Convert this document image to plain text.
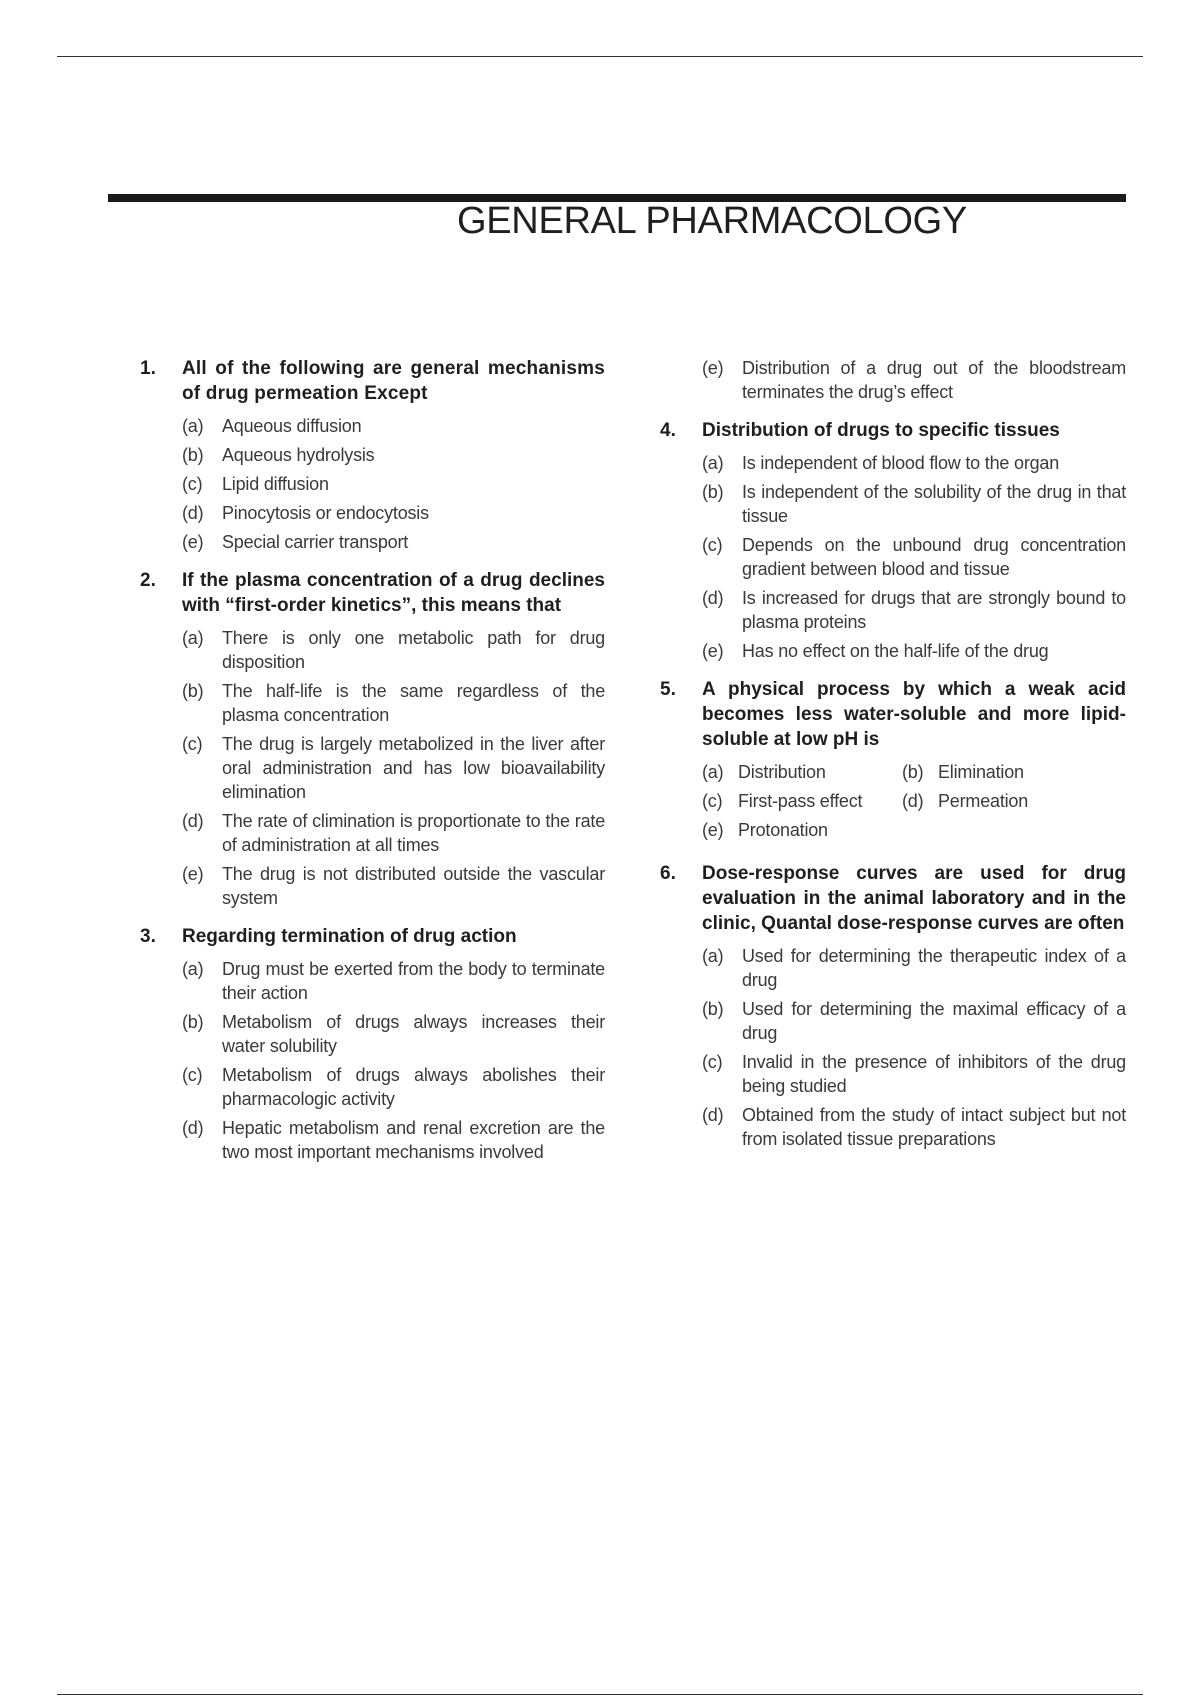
GENERAL PHARMACOLOGY
1.	All of the following are general mechanisms of drug permeation Except
(a)	Aqueous diffusion
(b)	Aqueous hydrolysis
(c)	Lipid diffusion
(d)	Pinocytosis or endocytosis
(e)	Special carrier transport
2.	If the plasma concentration of a drug declines with “first-order kinetics”, this means that
(a)	There is only one metabolic path for drug disposition
(b)	The half-life is the same regardless of the plasma concentration
(c)	The drug is largely metabolized in the liver after oral administration and has low bioavailability elimination
(d)	The rate of climination is proportionate to the rate of administration at all times
(e)	The drug is not distributed outside the vascular system
3.	Regarding termination of drug action
(a)	Drug must be exerted from the body to terminate their action
(b)	Metabolism of drugs always increases their water solubility
(c)	Metabolism of drugs always abolishes their pharmacologic activity
(d)	Hepatic metabolism and renal excretion are the two most important mechanisms involved
(e)	Distribution of a drug out of the bloodstream terminates the drug’s effect
4.	Distribution of drugs to specific tissues
(a)	Is independent of blood flow to the organ
(b)	Is independent of the solubility of the drug in that tissue
(c)	Depends on the unbound drug concentration gradient between blood and tissue
(d)	Is increased for drugs that are strongly bound to plasma proteins
(e)	Has no effect on the half-life of the drug
5.	A physical process by which a weak acid becomes less water-soluble and more lipid-soluble at low pH is
(a) Distribution	(b) Elimination
(c) First-pass effect	(d) Permeation
(e) Protonation
6.	Dose-response curves are used for drug evaluation in the animal laboratory and in the clinic, Quantal dose-response curves are often
(a)	Used for determining the therapeutic index of a drug
(b)	Used for determining the maximal efficacy of a drug
(c)	Invalid in the presence of inhibitors of the drug being studied
(d)	Obtained from the study of intact subject but not from isolated tissue preparations
